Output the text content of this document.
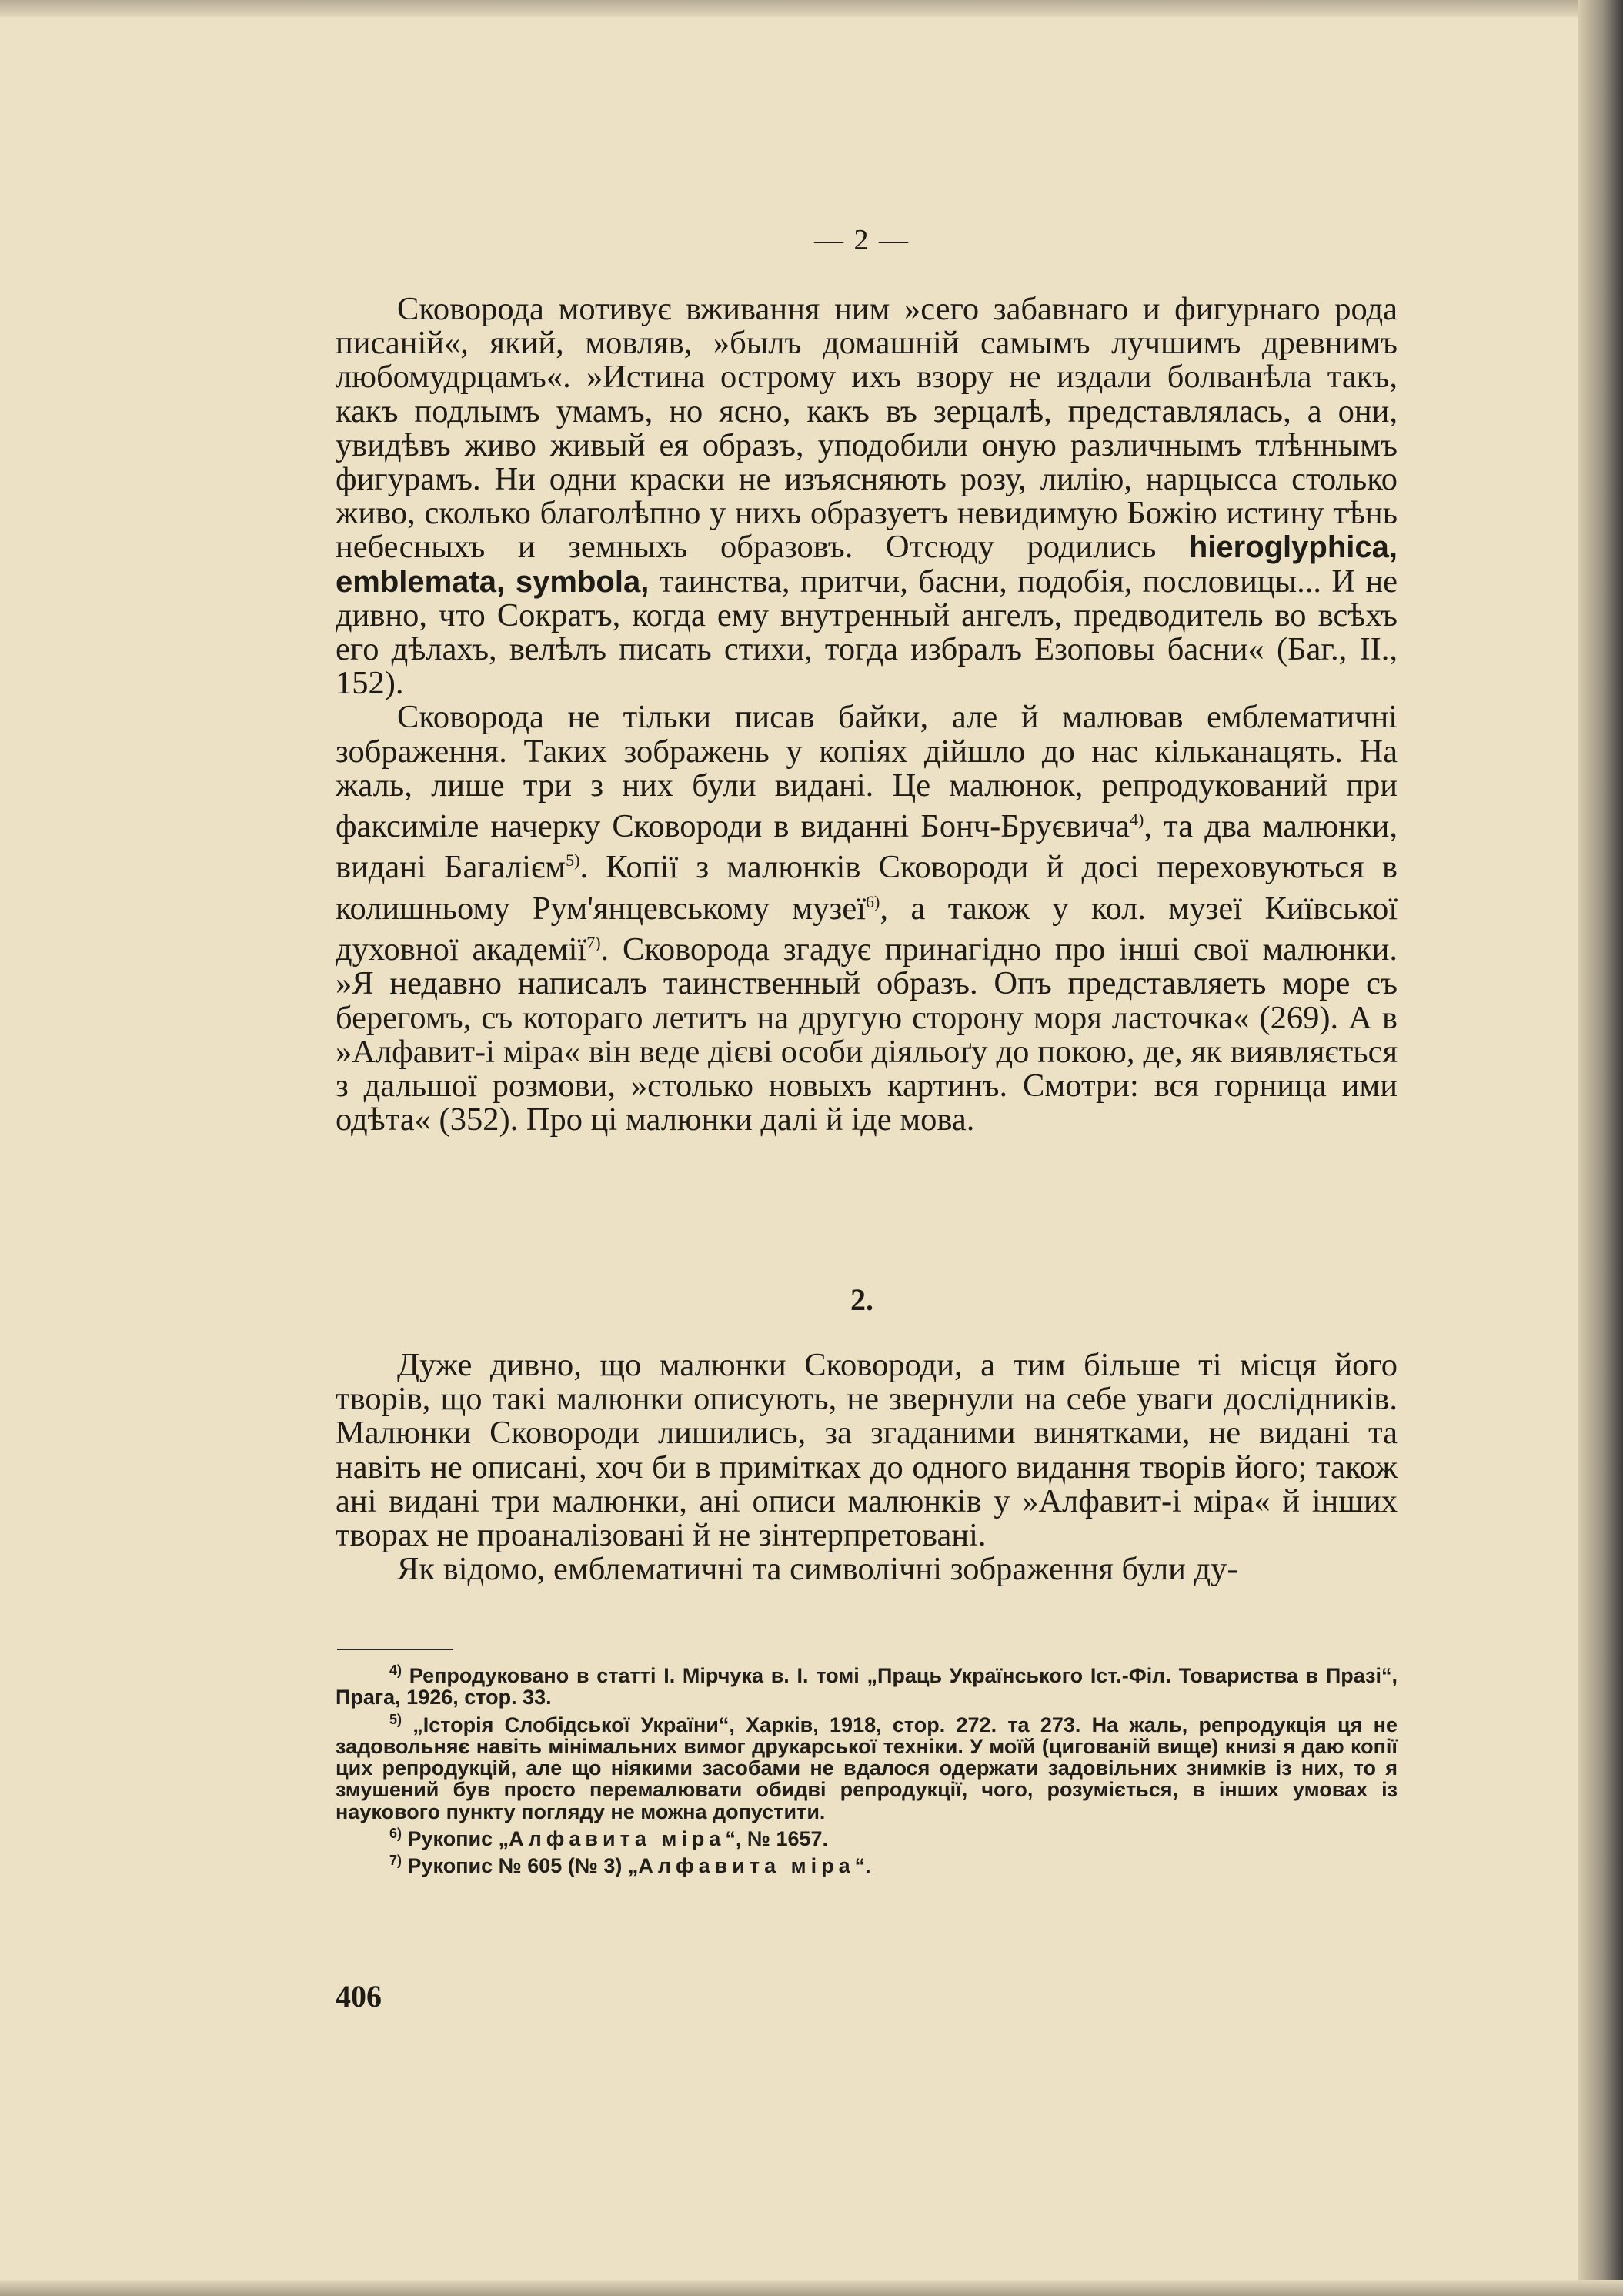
— 2 —

Сковорода мотивує вживання ним »сего забавнаго и фигурнаго рода писаній«, який, мовляв, »былъ домашній самымъ лучшимъ древнимъ любомудрцамъ«. »Истина острому ихъ взору не издали болванѣла такъ, какъ подлымъ умамъ, но ясно, какъ въ зерцалѣ, представлялась, а они, увидѣвъ живо живый ея образъ, уподобили оную различнымъ тлѣннымъ фигурамъ. Ни одни краски не изъясняють розу, лилію, нарцысса столько живо, сколько благолѣпно у нихь образуетъ невидимую Божію истину тѣнь небесныхъ и земныхъ образовъ. Отсюду родились hieroglyphica, emblemata, symbola, таинства, притчи, басни, подобія, пословицы... И не дивно, что Сократъ, когда ему внутренный ангелъ, предводитель во всѣхъ его дѣлахъ, велѣлъ писать стихи, тогда избралъ Езоповы басни« (Баг., II., 152).

Сковорода не тільки писав байки, але й малював емблематичні зображення. Таких зображень у копіях дійшло до нас кільканацять. На жаль, лише три з них були видані. Це малюнок, репродукований при факсиміле начерку Сковороди в виданні Бонч-Бруєвича$^{4)}$, та два малюнки, видані Багалієм$^{5)}$. Копії з малюнків Сковороди й досі переховуються в колишньому Рум'янцевському музеї$^{6)}$, а також у кол. музеї Київської духовної академії$^{7)}$. Сковорода згадує принагідно про інші свої малюнки. »Я недавно написалъ таинственный образъ. Опъ представляеть море съ берегомъ, съ котораго летитъ на другую сторону моря ласточка« (269). А в »Алфавит-і міра« він веде дієві особи діяльоґу до покою, де, як виявляється з дальшої розмови, »столько новыхъ картинъ. Смотри: вся горница ими одѣта« (352). Про ці малюнки далі й іде мова.

2.

Дуже дивно, що малюнки Сковороди, а тим більше ті місця його творів, що такі малюнки описують, не звернули на себе уваги дослідників. Малюнки Сковороди лишились, за згаданими винятками, не видані та навіть не описані, хоч би в примітках до одного видання творів його; також ані видані три малюнки, ані описи малюнків у »Алфавит-і міра« й інших творах не проаналізовані й не зінтерпретовані.

Як відомо, емблематичні та символічні зображення були ду-

$^{4)}$ Репродуковано в статті І. Мірчука в. І. томі „Праць Українського Іст.-Філ. Товариства в Празі“, Прага, 1926, стор. 33.

$^{5)}$ „Історія Слобідської України“, Харків, 1918, стор. 272. та 273. На жаль, репродукція ця не задовольняє навіть мінімальних вимог друкарської техніки. У моїй (цигованій вище) книзі я даю копії цих репродукцій, але що ніякими засобами не вдалося одержати задовільних знимків із них, то я змушений був просто перемалювати обидві репродукції, чого, розуміється, в інших умовах із наукового пункту погляду не можна допустити.

$^{6)}$ Рукопис „Алфавита міра“, № 1657.

$^{7)}$ Рукопис № 605 (№ 3) „Алфавита міра“.

406
